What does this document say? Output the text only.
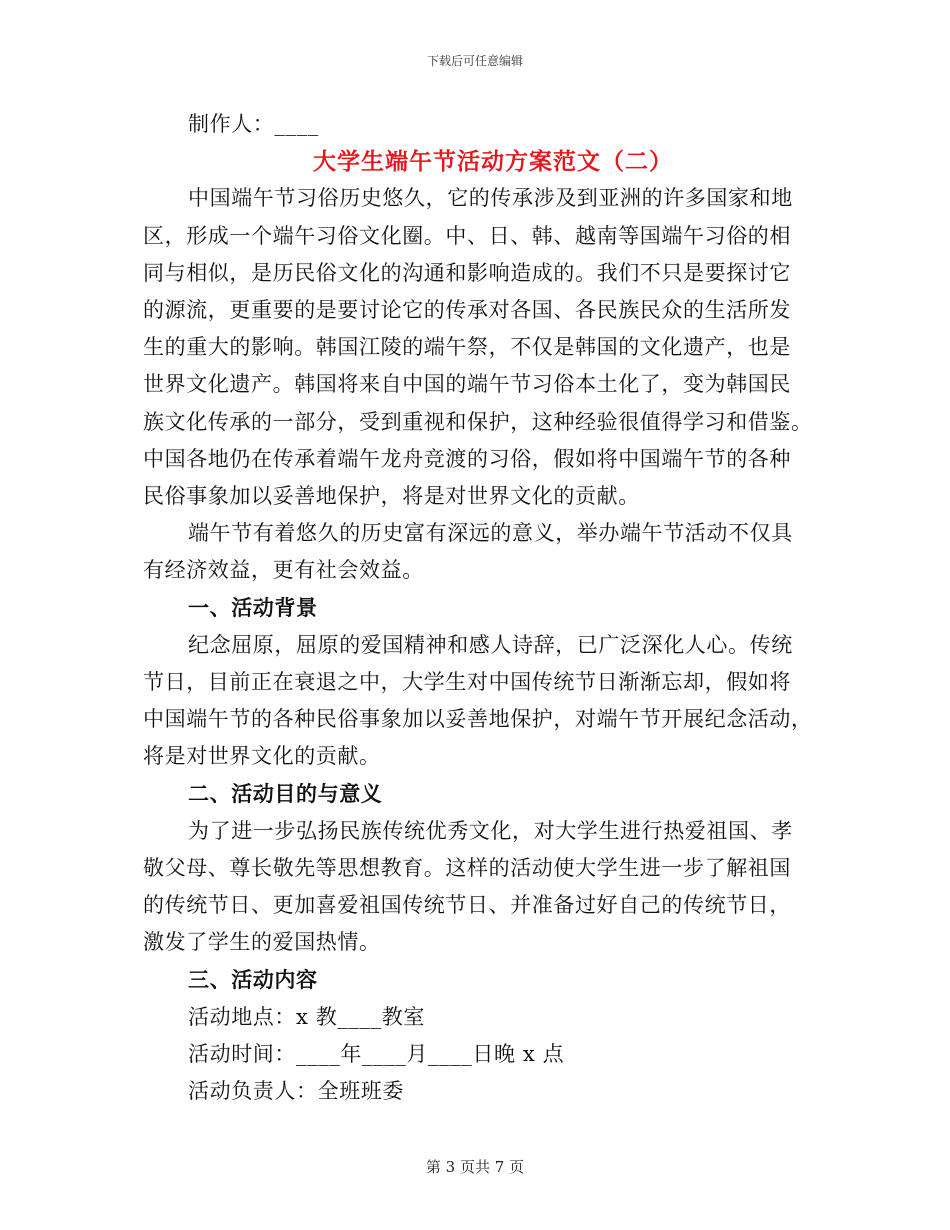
下载后可任意编辑
制作人：____
大学生端午节活动方案范文（二）
中国端午节习俗历史悠久，它的传承涉及到亚洲的许多国家和地
区，形成一个端午习俗文化圈。中、日、韩、越南等国端午习俗的相
同与相似，是历民俗文化的沟通和影响造成的。我们不只是要探讨它
的源流，更重要的是要讨论它的传承对各国、各民族民众的生活所发
生的重大的影响。韩国江陵的端午祭，不仅是韩国的文化遗产，也是
世界文化遗产。韩国将来自中国的端午节习俗本土化了，变为韩国民
族文化传承的一部分，受到重视和保护，这种经验很值得学习和借鉴。
中国各地仍在传承着端午龙舟竞渡的习俗，假如将中国端午节的各种
民俗事象加以妥善地保护，将是对世界文化的贡献。
端午节有着悠久的历史富有深远的意义，举办端午节活动不仅具
有经济效益，更有社会效益。
一、活动背景
纪念屈原，屈原的爱国精神和感人诗辞，已广泛深化人心。传统
节日，目前正在衰退之中，大学生对中国传统节日渐渐忘却，假如将
中国端午节的各种民俗事象加以妥善地保护，对端午节开展纪念活动，
将是对世界文化的贡献。
二、活动目的与意义
为了进一步弘扬民族传统优秀文化，对大学生进行热爱祖国、孝
敬父母、尊长敬先等思想教育。这样的活动使大学生进一步了解祖国
的传统节日、更加喜爱祖国传统节日、并准备过好自己的传统节日，
激发了学生的爱国热情。
三、活动内容
活动地点：x 教____教室
活动时间：____年____月____日晚 x 点
活动负责人：全班班委
第 3 页共 7 页
